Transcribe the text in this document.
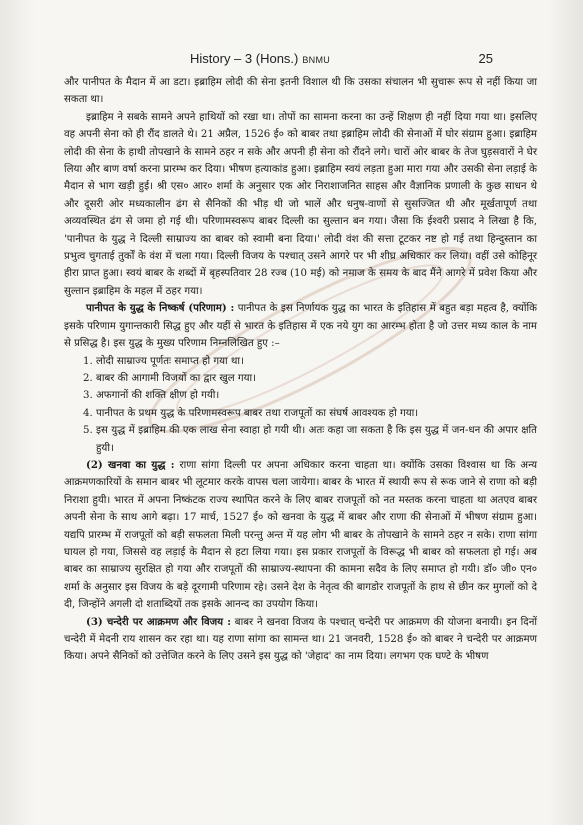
History – 3 (Hons.) BNMU	25

और पानीपत के मैदान में आ डटा। इब्राहिम लोदी की सेना इतनी विशाल थी कि उसका संचालन भी सुचारू रूप से नहीं किया जा सकता था।

इब्राहिम ने सबके सामने अपने हाथियों को रखा था। तोपों का सामना करना का उन्हें शिक्षण ही नहीं दिया गया था। इसलिए वह अपनी सेना को ही रौंद डालते थे। 21 अप्रैल, 1526 ई० को बाबर तथा इब्राहिम लोदी की सेनाओं में घोर संग्राम हुआ। इब्राहिम लोदी की सेना के हाथी तोपखाने के सामने ठहर न सके और अपनी ही सेना को रौंदने लगे। चारों ओर बाबर के तेज घुड़सवारों ने घेर लिया और बाण वर्षा करना प्रारम्भ कर दिया। भीषण हत्याकांड हुआ। इब्राहिम स्वयं लड़ता हुआ मारा गया और उसकी सेना लड़ाई के मैदान से भाग खड़ी हुई। श्री एस० आर० शर्मा के अनुसार एक ओर निराशाजनित साहस और वैज्ञानिक प्रणाली के कुछ साधन थे और दूसरी ओर मध्यकालीन ढंग से सैनिकों की भीड़ थी जो भालें और धनुष-वाणों से सुसज्जित थी और मूर्खतापूर्ण तथा अव्यवस्थित ढंग से जमा हो गई थी। परिणामस्वरूप बाबर दिल्ली का सुल्तान बन गया। जैसा कि ईश्वरी प्रसाद ने लिखा है कि, 'पानीपत के युद्ध ने दिल्ली साम्राज्य का बाबर को स्वामी बना दिया।' लोदी वंश की सत्ता टूटकर नष्ट हो गई तथा हिन्दुस्तान का प्रभुत्व चुगताई तुर्कों के वंश में चला गया। दिल्ली विजय के पश्चात् उसने आगरे पर भी शीघ्र अधिकार कर लिया। वहीं उसे कोहिनूर हीरा प्राप्त हुआ। स्वयं बाबर के शब्दों में बृहस्पतिवार 28 रज्ब (10 मई) को नमाज के समय के बाद मैंने आगरे में प्रवेश किया और सुल्तान इब्राहिम के महल में ठहर गया।

पानीपत के युद्ध के निष्कर्ष (परिणाम) : पानीपत के इस निर्णायक युद्ध का भारत के इतिहास में बहुत बड़ा महत्व है, क्योंकि इसके परिणाम युगान्तकारी सिद्ध हुए और यहीं से भारत के इतिहास में एक नये युग का आरम्भ होता है जो उत्तर मध्य काल के नाम से प्रसिद्ध है। इस युद्ध के मुख्य परिणाम निम्नलिखित हुए :–

1. लोदी साम्राज्य पूर्णतः समाप्त हो गया था।
2. बाबर की आगामी विजयों का द्वार खुल गया।
3. अफगानों की शक्ति क्षीण हो गयी।
4. पानीपत के प्रथम युद्ध के परिणामस्वरूप बाबर तथा राजपूतों का संघर्ष आवश्यक हो गया।
5. इस युद्ध में इब्राहिम की एक लाख सेना स्वाहा हो गयी थी। अतः कहा जा सकता है कि इस युद्ध में जन-धन की अपार क्षति हुयी।

(2) खनवा का युद्ध : राणा सांगा दिल्ली पर अपना अधिकार करना चाहता था। क्योंकि उसका विश्वास था कि अन्य आक्रमणकारियों के समान बाबर भी लूटमार करके वापस चला जायेगा। बाबर के भारत में स्थायी रूप से रूक जाने से राणा को बड़ी निराशा हुयी। भारत में अपना निष्कंटक राज्य स्थापित करने के लिए बाबर राजपूतों को नत मस्तक करना चाहता था अतएव बाबर अपनी सेना के साथ आगे बढ़ा। 17 मार्च, 1527 ई० को खनवा के युद्ध में बाबर और राणा की सेनाओं में भीषण संग्राम हुआ। यद्यपि प्रारम्भ में राजपूतों को बड़ी सफलता मिली परन्तु अन्त में यह लोग भी बाबर के तोपखाने के सामने ठहर न सके। राणा सांगा घायल हो गया, जिससे वह लड़ाई के मैदान से हटा लिया गया। इस प्रकार राजपूतों के विरूद्ध भी बाबर को सफलता हो गई। अब बाबर का साम्राज्य सुरक्षित हो गया और राजपूतों की साम्राज्य-स्थापना की कामना सदैव के लिए समाप्त हो गयी। डॉ० जी० एन० शर्मा के अनुसार इस विजय के बड़े दूरगामी परिणाम रहे। उसने देश के नेतृत्व की बागडोर राजपूतों के हाथ से छीन कर मुगलों को दे दी, जिन्होंने अगली दो शताब्दियों तक इसके आनन्द का उपयोग किया।

(3) चन्देरी पर आक्रमण और विजय : बाबर ने खनवा विजय के पश्चात् चन्देरी पर आक्रमण की योजना बनायी। इन दिनों चन्देरी में मेदनी राय शासन कर रहा था। यह राणा सांगा का सामन्त था। 21 जनवरी, 1528 ई० को बाबर ने चन्देरी पर आक्रमण किया। अपने सैनिकों को उत्तेजित करने के लिए उसने इस युद्ध को 'जेहाद' का नाम दिया। लगभग एक घण्टे के भीषण
